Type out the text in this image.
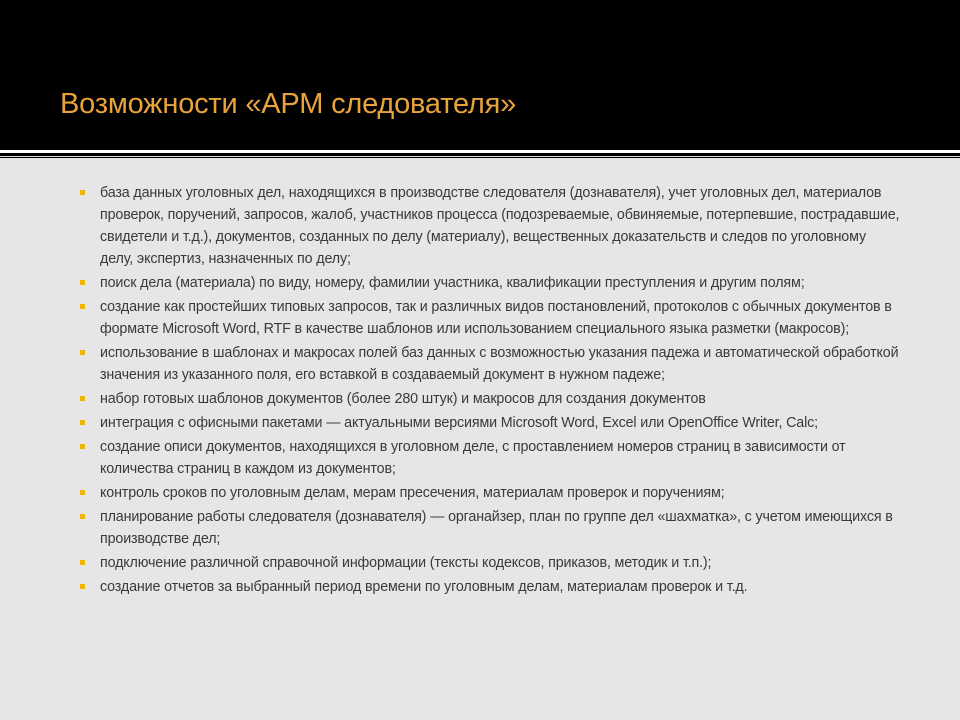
Возможности «АРМ следователя»
база данных уголовных дел, находящихся в производстве следователя (дознавателя), учет уголовных дел, материалов проверок, поручений, запросов, жалоб, участников процесса (подозреваемые, обвиняемые, потерпевшие, пострадавшие, свидетели и т.д.), документов, созданных по делу (материалу), вещественных доказательств и следов по уголовному делу, экспертиз, назначенных по делу;
поиск дела (материала) по виду, номеру, фамилии участника, квалификации преступления и другим полям;
создание как простейших типовых запросов, так и различных видов постановлений, протоколов с обычных документов в формате Microsoft Word, RTF в качестве шаблонов или использованием специального языка разметки (макросов);
использование в шаблонах и макросах полей баз данных с возможностью указания падежа и автоматической обработкой значения из указанного поля, его вставкой в создаваемый документ в нужном падеже;
набор готовых шаблонов документов (более 280 штук) и макросов для создания документов
интеграция с офисными пакетами — актуальными версиями Microsoft Word, Excel или OpenOffice Writer, Calc;
создание описи документов, находящихся в уголовном деле, с проставлением номеров страниц в зависимости от количества страниц в каждом из документов;
контроль сроков по уголовным делам, мерам пресечения, материалам проверок и поручениям;
планирование работы следователя (дознавателя) — органайзер, план по группе дел «шахматка», с учетом имеющихся в производстве дел;
подключение различной справочной информации (тексты кодексов, приказов, методик и т.п.);
создание отчетов за выбранный период времени по уголовным делам, материалам проверок и т.д.
